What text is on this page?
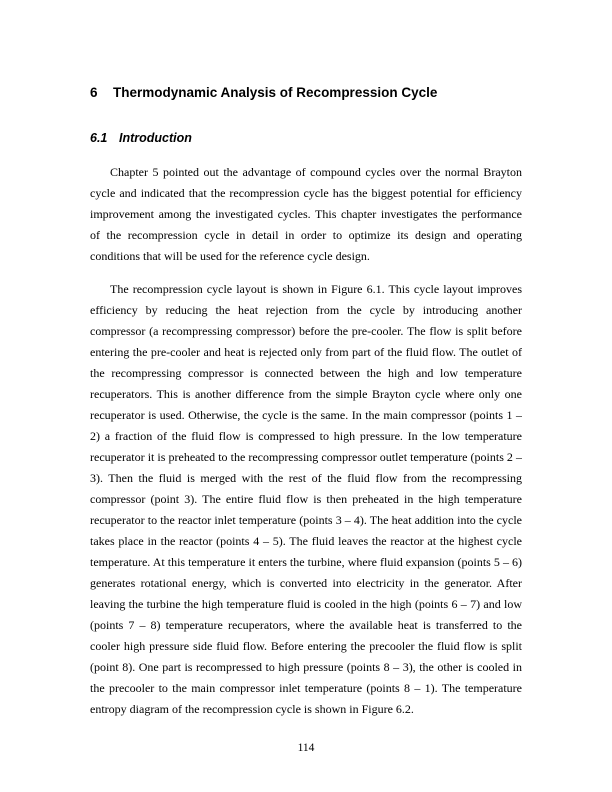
6 Thermodynamic Analysis of Recompression Cycle
6.1 Introduction
Chapter 5 pointed out the advantage of compound cycles over the normal Brayton
cycle and indicated that the recompression cycle has the biggest potential for efficiency
improvement among the investigated cycles. This chapter investigates the performance
of the recompression cycle in detail in order to optimize its design and operating
conditions that will be used for the reference cycle design.
The recompression cycle layout is shown in Figure 6.1. This cycle layout improves
efficiency by reducing the heat rejection from the cycle by introducing another
compressor (a recompressing compressor) before the pre-cooler. The flow is split before
entering the pre-cooler and heat is rejected only from part of the fluid flow. The outlet of
the recompressing compressor is connected between the high and low temperature
recuperators. This is another difference from the simple Brayton cycle where only one
recuperator is used. Otherwise, the cycle is the same. In the main compressor (points 1 –
2) a fraction of the fluid flow is compressed to high pressure. In the low temperature
recuperator it is preheated to the recompressing compressor outlet temperature (points 2 –
3). Then the fluid is merged with the rest of the fluid flow from the recompressing
compressor (point 3). The entire fluid flow is then preheated in the high temperature
recuperator to the reactor inlet temperature (points 3 – 4). The heat addition into the cycle
takes place in the reactor (points 4 – 5). The fluid leaves the reactor at the highest cycle
temperature. At this temperature it enters the turbine, where fluid expansion (points 5 – 6)
generates rotational energy, which is converted into electricity in the generator. After
leaving the turbine the high temperature fluid is cooled in the high (points 6 – 7) and low
(points 7 – 8) temperature recuperators, where the available heat is transferred to the
cooler high pressure side fluid flow. Before entering the precooler the fluid flow is split
(point 8). One part is recompressed to high pressure (points 8 – 3), the other is cooled in
the precooler to the main compressor inlet temperature (points 8 – 1). The temperature
entropy diagram of the recompression cycle is shown in Figure 6.2.
114
